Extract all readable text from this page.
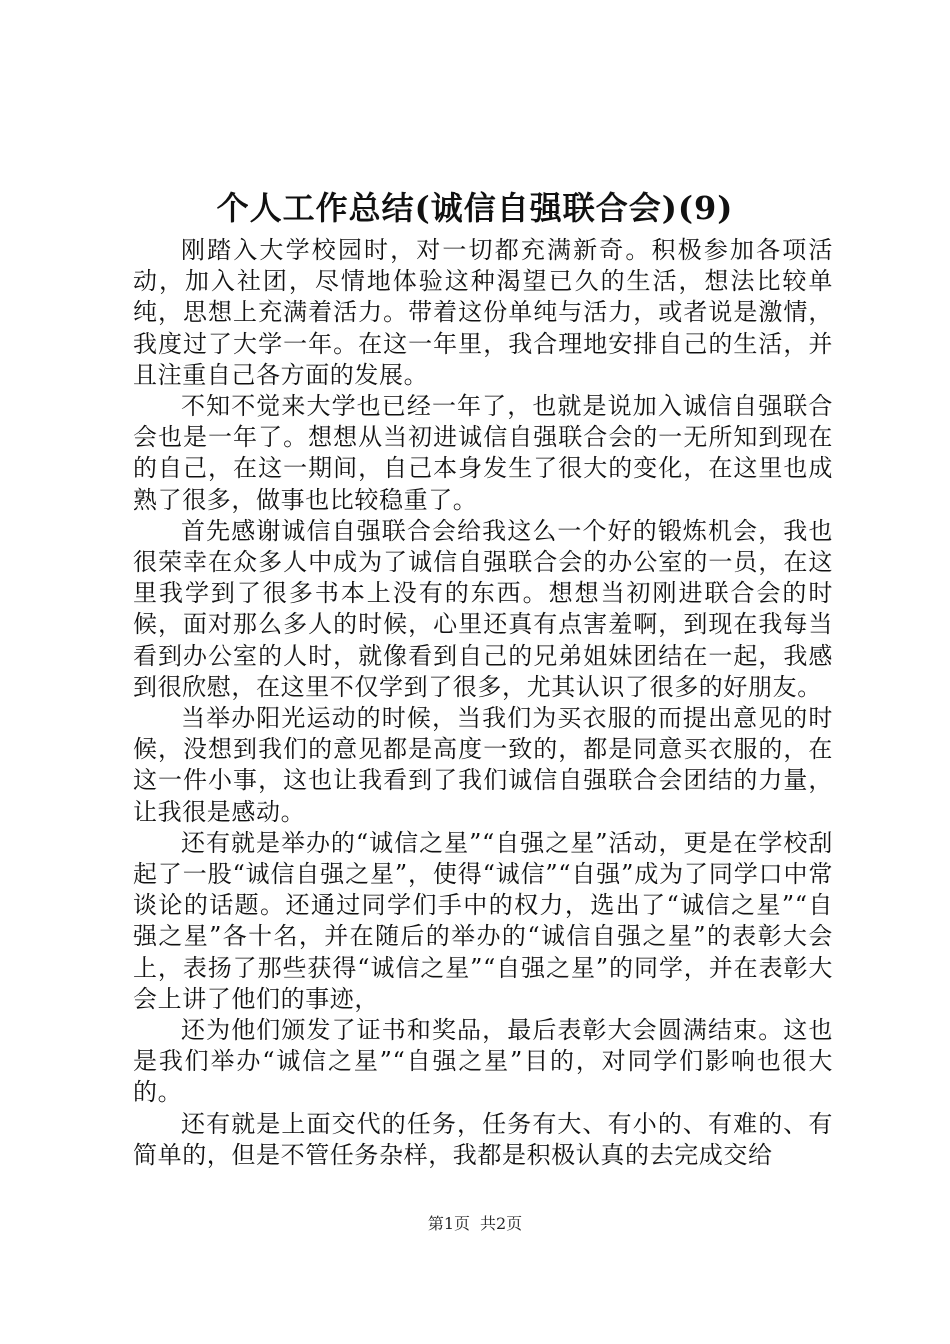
个人工作总结(诚信自强联合会)(9)

刚踏入大学校园时，对一切都充满新奇。积极参加各项活动，加入社团，尽情地体验这种渴望已久的生活，想法比较单纯，思想上充满着活力。带着这份单纯与活力，或者说是激情，我度过了大学一年。在这一年里，我合理地安排自己的生活，并且注重自己各方面的发展。

不知不觉来大学也已经一年了，也就是说加入诚信自强联合会也是一年了。想想从当初进诚信自强联合会的一无所知到现在的自己，在这一期间，自己本身发生了很大的变化，在这里也成熟了很多，做事也比较稳重了。

首先感谢诚信自强联合会给我这么一个好的锻炼机会，我也很荣幸在众多人中成为了诚信自强联合会的办公室的一员，在这里我学到了很多书本上没有的东西。想想当初刚进联合会的时候，面对那么多人的时候，心里还真有点害羞啊，到现在我每当看到办公室的人时，就像看到自己的兄弟姐妹团结在一起，我感到很欣慰，在这里不仅学到了很多，尤其认识了很多的好朋友。

当举办阳光运动的时候，当我们为买衣服的而提出意见的时候，没想到我们的意见都是高度一致的，都是同意买衣服的，在这一件小事，这也让我看到了我们诚信自强联合会团结的力量，让我很是感动。

还有就是举办的“诚信之星”“自强之星”活动，更是在学校刮起了一股“诚信自强之星”，使得“诚信”“自强”成为了同学口中常谈论的话题。还通过同学们手中的权力，选出了“诚信之星”“自强之星”各十名，并在随后的举办的“诚信自强之星”的表彰大会上，表扬了那些获得“诚信之星”“自强之星”的同学，并在表彰大会上讲了他们的事迹，

还为他们颁发了证书和奖品，最后表彰大会圆满结束。这也是我们举办“诚信之星”“自强之星”目的，对同学们影响也很大的。

还有就是上面交代的任务，任务有大、有小的、有难的、有简单的，但是不管任务杂样，我都是积极认真的去完成交给

第1页 共2页
